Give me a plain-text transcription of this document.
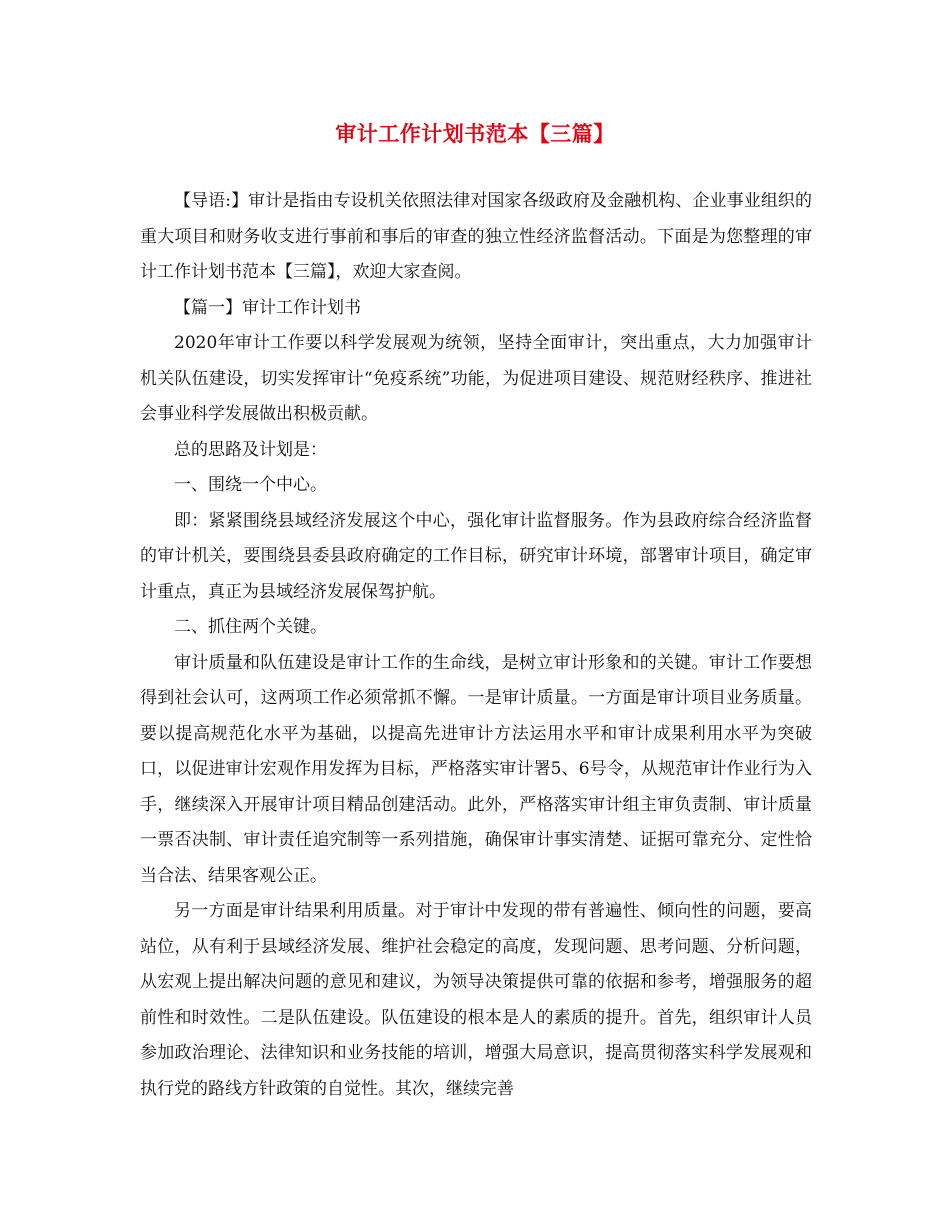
审计工作计划书范本【三篇】

【导语:】审计是指由专设机关依照法律对国家各级政府及金融机构、企业事业组织的重大项目和财务收支进行事前和事后的审查的独立性经济监督活动。下面是为您整理的审计工作计划书范本【三篇】，欢迎大家查阅。

【篇一】审计工作计划书

2020年审计工作要以科学发展观为统领，坚持全面审计，突出重点，大力加强审计机关队伍建设，切实发挥审计“免疫系统”功能，为促进项目建设、规范财经秩序、推进社会事业科学发展做出积极贡献。

总的思路及计划是：

一、围绕一个中心。

即：紧紧围绕县域经济发展这个中心，强化审计监督服务。作为县政府综合经济监督的审计机关，要围绕县委县政府确定的工作目标，研究审计环境，部署审计项目，确定审计重点，真正为县域经济发展保驾护航。

二、抓住两个关键。

审计质量和队伍建设是审计工作的生命线，是树立审计形象和的关键。审计工作要想得到社会认可，这两项工作必须常抓不懈。一是审计质量。一方面是审计项目业务质量。要以提高规范化水平为基础，以提高先进审计方法运用水平和审计成果利用水平为突破口，以促进审计宏观作用发挥为目标，严格落实审计署5、6号令，从规范审计作业行为入手，继续深入开展审计项目精品创建活动。此外，严格落实审计组主审负责制、审计质量一票否决制、审计责任追究制等一系列措施，确保审计事实清楚、证据可靠充分、定性恰当合法、结果客观公正。

另一方面是审计结果利用质量。对于审计中发现的带有普遍性、倾向性的问题，要高站位，从有利于县域经济发展、维护社会稳定的高度，发现问题、思考问题、分析问题，从宏观上提出解决问题的意见和建议，为领导决策提供可靠的依据和参考，增强服务的超前性和时效性。二是队伍建设。队伍建设的根本是人的素质的提升。首先，组织审计人员参加政治理论、法律知识和业务技能的培训，增强大局意识，提高贯彻落实科学发展观和执行党的路线方针政策的自觉性。其次，继续完善
